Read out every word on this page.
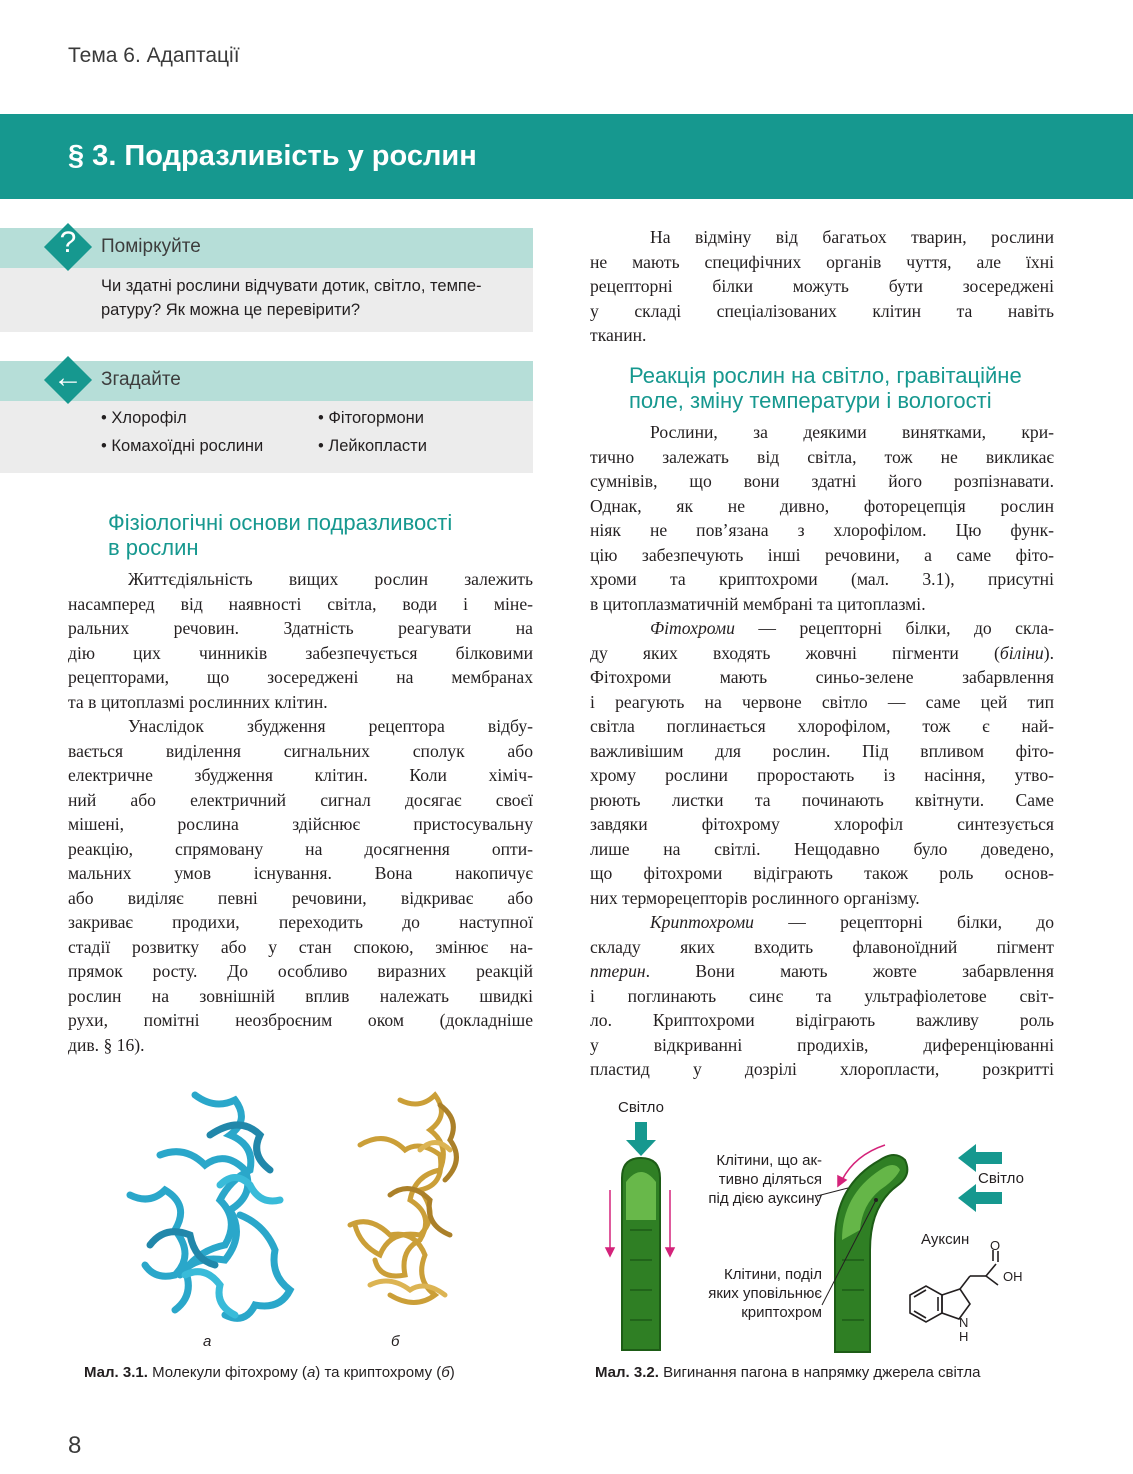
Тема 6. Адаптації
§ 3. Подразливість у рослин
?	Поміркуйте
Чи здатні рослини відчувати дотик, світло, темпе-
ратуру? Як можна це перевірити?
← Згадайте
• Хлорофіл	• Фітогормони
• Комахоїдні рослини	• Лейкопласти
Фізіологічні основи подразливості
в рослин
Життєдіяльність вищих рослин залежить
насамперед від наявності світла, води і міне-
ральних речовин. Здатність реагувати на
дію цих чинників забезпечується білковими
рецепторами, що зосереджені на мембранах
та в цитоплазмі рослинних клітин.
Унаслідок збудження рецептора відбу-
вається виділення сигнальних сполук або
електричне збудження клітин. Коли хіміч-
ний або електричний сигнал досягає своєї
мішені, рослина здійснює пристосувальну
реакцію, спрямовану на досягнення опти-
мальних умов існування. Вона накопичує
або виділяє певні речовини, відкриває або
закриває продихи, переходить до наступної
стадії розвитку або у стан спокою, змінює на-
прямок росту. До особливо виразних реакцій
рослин на зовнішній вплив належать швидкі
рухи, помітні неозброєним оком (докладніше
див. § 16).
На відміну від багатьох тварин, рослини
не мають специфічних органів чуття, але їхні
рецепторні білки можуть бути зосереджені
у складі спеціалізованих клітин та навіть
тканин.
Реакція рослин на світло, гравітаційне
поле, зміну температури і вологості
Рослини, за деякими винятками, кри-
тично залежать від світла, тож не викликає
сумнівів, що вони здатні його розпізнавати.
Однак, як не дивно, фоторецепція рослин
ніяк не пов’язана з хлорофілом. Цю функ-
цію забезпечують інші речовини, а саме фіто-
хроми та криптохроми (мал. 3.1), присутні
в цитоплазматичній мембрані та цитоплазмі.
Фітохроми — рецепторні білки, до скла-
ду яких входять жовчні пігменти (біліни).
Фітохроми мають синьо-зелене забарвлення
і реагують на червоне світло — саме цей тип
світла поглинається хлорофілом, тож є най-
важливішим для рослин. Під впливом фіто-
хрому рослини проростають із насіння, утво-
рюють листки та починають квітнути. Саме
завдяки фітохрому хлорофіл синтезується
лише на світлі. Нещодавно було доведено,
що фітохроми відіграють також роль основ-
них терморецепторів рослинного організму.
Криптохроми — рецепторні білки, до
складу яких входить флавоноїдний пігмент
птерин. Вони мають жовте забарвлення
і поглинають синє та ультрафіолетове світ-
ло. Криптохроми відіграють важливу роль
у відкриванні продихів, диференціюванні
пластид у дозрілі хлоропласти, розкритті
а	б
Мал. 3.1. Молекули фітохрому (а) та криптохрому (б)
Світло
Клітини, що ак-
тивно діляться
під дією ауксину
Світло
Ауксин
Клітини, поділ
яких уповільнює
криптохром
O
OH
N
H
Мал. 3.2. Вигинання пагона в напрямку джерела світла
8
